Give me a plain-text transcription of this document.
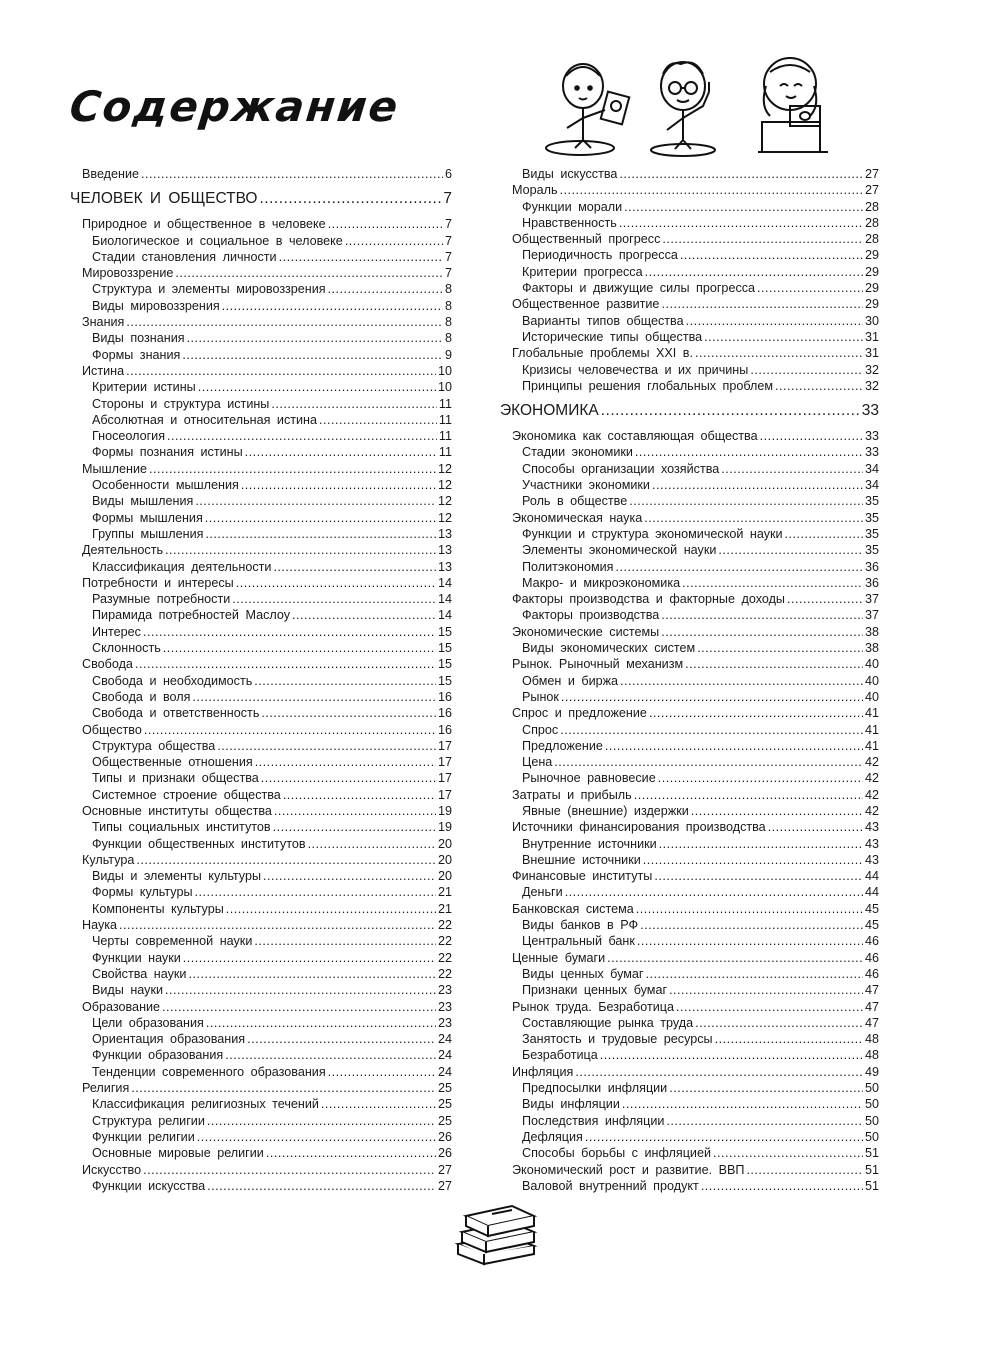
Содержание
Введение .....	6
ЧЕЛОВЕК И ОБЩЕСТВО .....	7
Природное и общественное в человеке .....	7
Биологическое и социальное в человеке .....	7
Стадии становления личности .....	7
Мировоззрение .....	7
Структура и элементы мировоззрения .....	8
Виды мировоззрения .....	8
Знания .....	8
Виды познания .....	8
Формы знания .....	9
Истина .....	10
Критерии истины .....	10
Стороны и структура истины .....	11
Абсолютная и относительная истина .....	11
Гносеология .....	11
Формы познания истины .....	11
Мышление .....	12
Особенности мышления .....	12
Виды мышления .....	12
Формы мышления .....	12
Группы мышления .....	13
Деятельность .....	13
Классификация деятельности .....	13
Потребности и интересы .....	14
Разумные потребности .....	14
Пирамида потребностей Маслоу .....	14
Интерес .....	15
Склонность .....	15
Свобода .....	15
Свобода и необходимость .....	15
Свобода и воля .....	16
Свобода и ответственность .....	16
Общество .....	16
Структура общества .....	17
Общественные отношения .....	17
Типы и признаки общества .....	17
Системное строение общества .....	17
Основные институты общества .....	19
Типы социальных институтов .....	19
Функции общественных институтов .....	20
Культура .....	20
Виды и элементы культуры .....	20
Формы культуры .....	21
Компоненты культуры .....	21
Наука .....	22
Черты современной науки .....	22
Функции науки .....	22
Свойства науки .....	22
Виды науки .....	23
Образование .....	23
Цели образования .....	23
Ориентация образования .....	24
Функции образования .....	24
Тенденции современного образования .....	24
Религия .....	25
Классификация религиозных течений .....	25
Структура религии .....	25
Функции религии .....	26
Основные мировые религии .....	26
Искусство .....	27
Функции искусства .....	27
Виды искусства .....	27
Мораль .....	27
Функции морали .....	28
Нравственность .....	28
Общественный прогресс .....	28
Периодичность прогресса .....	29
Критерии прогресса .....	29
Факторы и движущие силы прогресса .....	29
Общественное развитие .....	29
Варианты типов общества .....	30
Исторические типы общества .....	31
Глобальные проблемы XXI в. .....	31
Кризисы человечества и их причины .....	32
Принципы решения глобальных проблем .....	32
ЭКОНОМИКА .....	33
Экономика как составляющая общества .....	33
Стадии экономики .....	33
Способы организации хозяйства .....	34
Участники экономики .....	34
Роль в обществе .....	35
Экономическая наука .....	35
Функции и структура экономической науки .....	35
Элементы экономической науки .....	35
Политэкономия .....	36
Макро- и микроэкономика .....	36
Факторы производства и факторные доходы .....	37
Факторы производства .....	37
Экономические системы .....	38
Виды экономических систем .....	38
Рынок. Рыночный механизм .....	40
Обмен и биржа .....	40
Рынок .....	40
Спрос и предложение .....	41
Спрос .....	41
Предложение .....	41
Цена .....	42
Рыночное равновесие .....	42
Затраты и прибыль .....	42
Явные (внешние) издержки .....	42
Источники финансирования производства .....	43
Внутренние источники .....	43
Внешние источники .....	43
Финансовые институты .....	44
Деньги .....	44
Банковская система .....	45
Виды банков в РФ .....	45
Центральный банк .....	46
Ценные бумаги .....	46
Виды ценных бумаг .....	46
Признаки ценных бумаг .....	47
Рынок труда. Безработица .....	47
Составляющие рынка труда .....	47
Занятость и трудовые ресурсы .....	48
Безработица .....	48
Инфляция .....	49
Предпосылки инфляции .....	50
Виды инфляции .....	50
Последствия инфляции .....	50
Дефляция .....	50
Способы борьбы с инфляцией .....	51
Экономический рост и развитие. ВВП .....	51
Валовой внутренний продукт .....	51
